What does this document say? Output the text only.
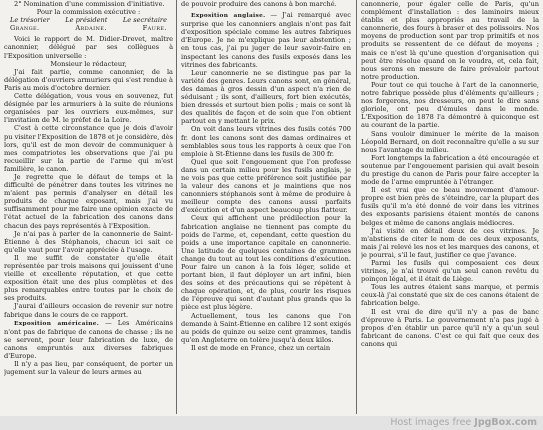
2° Nomination d'une commission d'initiative.

Pour la commission exécutive :

Le trésorier Le président Le secrétaire
Grange.	Ardaine.	Faure.

Voici le rapport de M. Didier-Drevet, maître canonnier, délégué par ses collègues à l'Exposition universelle :

Monsieur le rédacteur,

J'ai fait partie, comme canonnier, de la délégation d'ouvriers armuriers qui s'est rendue à Paris au mois d'octobre dernier.

Cette délégation, vous vous en souvenez, fut désignée par les armuriers à la suite de réunions organisées par les ouvriers eux-mêmes, sur l'invitation de M. le préfet de la Loire.

C'est à cette circonstance que je dois d'avoir pu visiter l'Exposition de 1878 et je considère, dès lors, qu'il est de mon devoir de communiquer à mes compatriotes les observations que j'ai pu recueillir sur la partie de l'arme qui m'est familière, le canon.

Je regrette que le défaut de temps et la difficulté de pénétrer dans toutes les vitrines ne m'aient pas permis d'analyser en détail les produits de chaque exposant, mais j'ai vu suffisamment pour me faire une opinion exacte de l'état actuel de la fabrication des canons dans chacun des pays représentés à l'Exposition.

Je n'ai pas à parler de la canonnerie de Saint-Étienne à des Stéphanois, chacun ici sait ce qu'elle vaut pour l'avoir appréciée à l'usage.

Il me suffit de constater qu'elle était représentée par trois maisons qui jouissent d'une vieille et excellente réputation, et que cette exposition était une des plus complètes et des plus remarquables entre toutes par le choix de ses produits.

J'aurai d'ailleurs occasion de revenir sur notre fabrique dans le cours de ce rapport.

Exposition américaine. — Les Américains n'ont pas de fabrique de canons de chasse ; ils ne se servent, pour leur fabrication de luxe, de canons empruntés aux diverses fabriques d'Europe.

Il n'y a pas lieu, par conséquent, de porter un jugement sur la valeur de leurs armes au

de pouvoir produire des canons à bon marché.

Exposition anglaise. — J'ai remarqué avec surprise que les canonniers anglais n'ont pas fait d'exposition spéciale comme les autres fabriques d'Europe. Je ne m'explique pas leur abstention ; en tous cas, j'ai pu juger de leur savoir-faire en inspectant les canons des fusils exposés dans les vitrines des fabricants.

Leur canonnerie ne se distingue pas par la variété des genres. Leurs canons sont, en général, des damas à gros dessin d'un aspect n'a rien de séduisant ; ils sont, d'ailleurs, fort bien exécutés, bien dressés et surtout bien polis ; mais ce sont là des qualités de façon et de soin que l'on obtient partout en y mettant le prix.

On voit dans leurs vitrines des fusils cotés 700 fr. dont les canons sont des damas ordinaires et semblables sous tous les rapports à ceux que l'on emploie à St-Étienne dans les fusils de 300 fr.

Quel que soit l'engouement que l'on professe dans un certain milieu pour les fusils anglais, je ne vois pas que cette préférence soit justifiée par la valeur des canons et je maintiens que nos canonniers stéphanois sont à même de produire à meilleur compte des canons aussi parfaits d'exécution et d'un aspect beaucoup plus flatteur.

Ceux qui affichent une prédilection pour la fabrication anglaise ne tiennent pas compte du poids de l'arme, et, cependant, cette question du poids a une importance capitale en canonnerie. Une latitude de quelques centaines de grammes change du tout au tout les conditions d'exécution. Pour faire un canon à la fois léger, solide et portant bien, il faut déployer un art infini, bien des soins et des précautions qui se répètent à chaque opération, et, de plus, courir les risques de l'épreuve qui sont d'autant plus grands que la pièce est plus légère.

Actuellement, tous les canons que l'on demande à Saint-Étienne en calibre 12 sont exigés au poids de quinze ou seize cent grammes, tandis qu'en Angleterre on tolère jusqu'à deux kilos.

Il est de mode en France, chez un certain

canonnerie, pour égaler celle de Paris, qu'un complément d'installation : des laminoirs mieux établis et plus appropriés au travail de la canonnerie, des fours à braser et des polissoirs. Nos moyens de production sont par trop primitifs et nos produits se ressentent de ce défaut de moyens ; mais ce n'est là qu'une question d'organisation qui peut être résolue quand on le voudra, et, cela fait, nous serons en mesure de faire prévaloir partout notre production.

Pour tout ce qui touche à l'art de la canonnerie, notre fabrique possède plus d'éléments qu'ailleurs ; nos forgerons, nos dresseurs, on peut le dire sans gloriole, ont peu d'émules dans le monde. L'Exposition de 1878 l'a démontré à quiconque est au courant de la partie.

Sans vouloir diminuer le mérite de la maison Léopold Bernard, on doit reconnaître qu'elle a su sur nous l'avantage du milieu.

Fort longtemps la fabrication a été encouragée et soutenue par l'engouement parisien qui avait besoin du prestige du canon de Paris pour faire accepter la mode de l'arme empruntée à l'étranger.

Il est vrai que ce beau mouvement d'amour-propre est bien près de s'éteindre, car la plupart des fusils qu'il m'a été donné de voir dans les vitrines des exposants parisiens étaient montés de canons belges et même de canons anglais médiocres.

J'ai visité en détail deux de ces vitrines. Je m'abstiens de citer le nom de ces deux exposants, mais j'ai relevé les nos et les marques des canons, et je pourrai, s'il le faut, justifier ce que j'avance.

Parmi les fusils qui composaient ces deux vitrines, je n'ai trouvé qu'un seul canon revêtu du poinçon légal, et il était de Liège.

Tous les autres étaient sans marque, et permis ceux-là j'ai constaté que six de ces canons étaient de fabrication belge.

Il est vrai de dire qu'il n'y a pas de banc d'épreuve à Paris. Le gouvernement n'a pas jugé à propos d'en établir un parce qu'il n'y a qu'un seul fabricant de canons. C'est ce qui fait que ceux des canons qui

Host images free JpgBox.com
